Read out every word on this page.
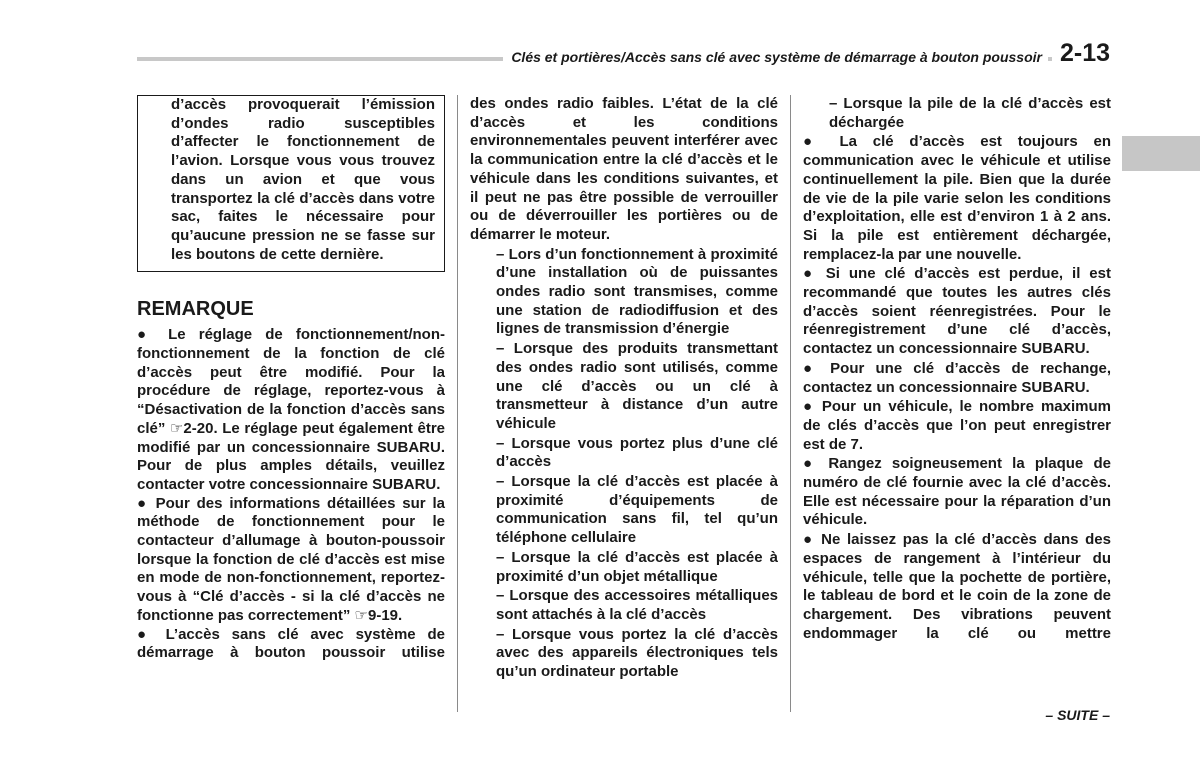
Clés et portières/Accès sans clé avec système de démarrage à bouton poussoir 2-13

d’accès provoquerait l’émission d’ondes radio susceptibles d’affecter le fonctionnement de l’avion. Lorsque vous vous trouvez dans un avion et que vous transportez la clé d’accès dans votre sac, faites le nécessaire pour qu’aucune pression ne se fasse sur les boutons de cette dernière.

REMARQUE

● Le réglage de fonctionnement/non-fonctionnement de la fonction de clé d’accès peut être modifié. Pour la procédure de réglage, reportez-vous à “Désactivation de la fonction d’accès sans clé” ☞2-20. Le réglage peut également être modifié par un concessionnaire SUBARU. Pour de plus amples détails, veuillez contacter votre concessionnaire SUBARU.

● Pour des informations détaillées sur la méthode de fonctionnement pour le contacteur d’allumage à bouton-poussoir lorsque la fonction de clé d’accès est mise en mode de non-fonctionnement, reportez-vous à “Clé d’accès - si la clé d’accès ne fonctionne pas correctement” ☞9-19.

● L’accès sans clé avec système de démarrage à bouton poussoir utilise

des ondes radio faibles. L’état de la clé d’accès et les conditions environnementales peuvent interférer avec la communication entre la clé d’accès et le véhicule dans les conditions suivantes, et il peut ne pas être possible de verrouiller ou de déverrouiller les portières ou de démarrer le moteur.

– Lors d’un fonctionnement à proximité d’une installation où de puissantes ondes radio sont transmises, comme une station de radiodiffusion et des lignes de transmission d’énergie

– Lorsque des produits transmettant des ondes radio sont utilisés, comme une clé d’accès ou un clé à transmetteur à distance d’un autre véhicule

– Lorsque vous portez plus d’une clé d’accès

– Lorsque la clé d’accès est placée à proximité d’équipements de communication sans fil, tel qu’un téléphone cellulaire

– Lorsque la clé d’accès est placée à proximité d’un objet métallique

– Lorsque des accessoires métalliques sont attachés à la clé d’accès

– Lorsque vous portez la clé d’accès avec des appareils électroniques tels qu’un ordinateur portable

– Lorsque la pile de la clé d’accès est déchargée

● La clé d’accès est toujours en communication avec le véhicule et utilise continuellement la pile. Bien que la durée de vie de la pile varie selon les conditions d’exploitation, elle est d’environ 1 à 2 ans. Si la pile est entièrement déchargée, remplacez-la par une nouvelle.

● Si une clé d’accès est perdue, il est recommandé que toutes les autres clés d’accès soient réenregistrées. Pour le réenregistrement d’une clé d’accès, contactez un concessionnaire SUBARU.

● Pour une clé d’accès de rechange, contactez un concessionnaire SUBARU.

● Pour un véhicule, le nombre maximum de clés d’accès que l’on peut enregistrer est de 7.

● Rangez soigneusement la plaque de numéro de clé fournie avec la clé d’accès. Elle est nécessaire pour la réparation d’un véhicule.

● Ne laissez pas la clé d’accès dans des espaces de rangement à l’intérieur du véhicule, telle que la pochette de portière, le tableau de bord et le coin de la zone de chargement. Des vibrations peuvent endommager la clé ou mettre

– SUITE –
